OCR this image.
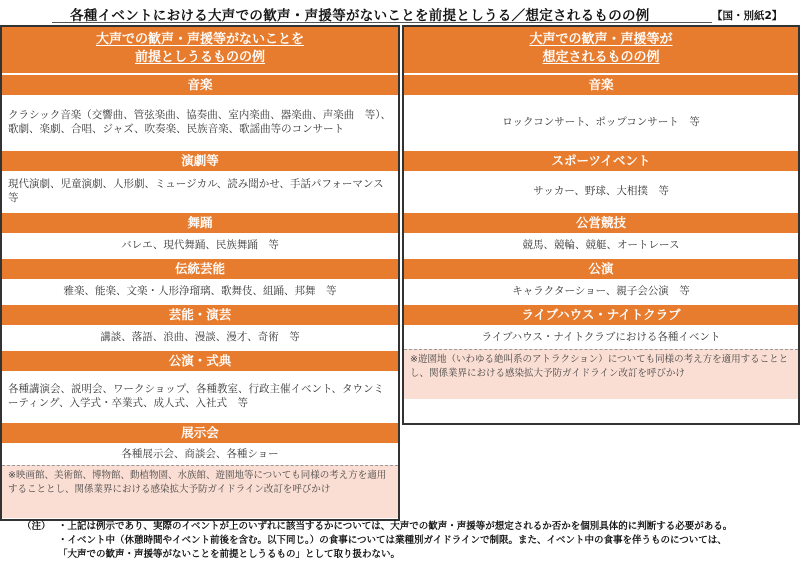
各種イベントにおける大声での歓声・声援等がないことを前提としうる／想定されるものの例	【国・別紙2】
大声での歓声・声援等がないことを
前提としうるものの例
音楽
クラシック音楽（交響曲、管弦楽曲、協奏曲、室内楽曲、器楽曲、声楽曲　等）、歌劇、楽劇、合唱、ジャズ、吹奏楽、民族音楽、歌謡曲等のコンサート
演劇等
現代演劇、児童演劇、人形劇、ミュージカル、読み聞かせ、手話パフォーマンス　等
舞踊
バレエ、現代舞踊、民族舞踊　等
伝統芸能
雅楽、能楽、文楽・人形浄瑠璃、歌舞伎、組踊、邦舞　等
芸能・演芸
講談、落語、浪曲、漫談、漫才、奇術　等
公演・式典
各種講演会、説明会、ワークショップ、各種教室、行政主催イベント、タウンミーティング、入学式・卒業式、成人式、入社式　等
展示会
各種展示会、商談会、各種ショー
※映画館、美術館、博物館、動植物園、水族館、遊園地等についても同様の考え方を適用することとし、関係業界における感染拡大予防ガイドライン改訂を呼びかけ
大声での歓声・声援等が
想定されるものの例
音楽
ロックコンサート、ポップコンサート　等
スポーツイベント
サッカー、野球、大相撲　等
公営競技
競馬、競輪、競艇、オートレース
公演
キャラクターショー、親子会公演　等
ライブハウス・ナイトクラブ
ライブハウス・ナイトクラブにおける各種イベント
※遊園地（いわゆる絶叫系のアトラクション）についても同様の考え方を適用することとし、関係業界における感染拡大予防ガイドライン改訂を呼びかけ
（注） ・上記は例示であり、実際のイベントが上のいずれに該当するかについては、大声での歓声・声援等が想定されるか否かを個別具体的に判断する必要がある。
・イベント中（休憩時間やイベント前後を含む。以下同じ。）の食事については業種別ガイドラインで制限。また、イベント中の食事を伴うものについては、
「大声での歓声・声援等がないことを前提としうるもの」として取り扱わない。
